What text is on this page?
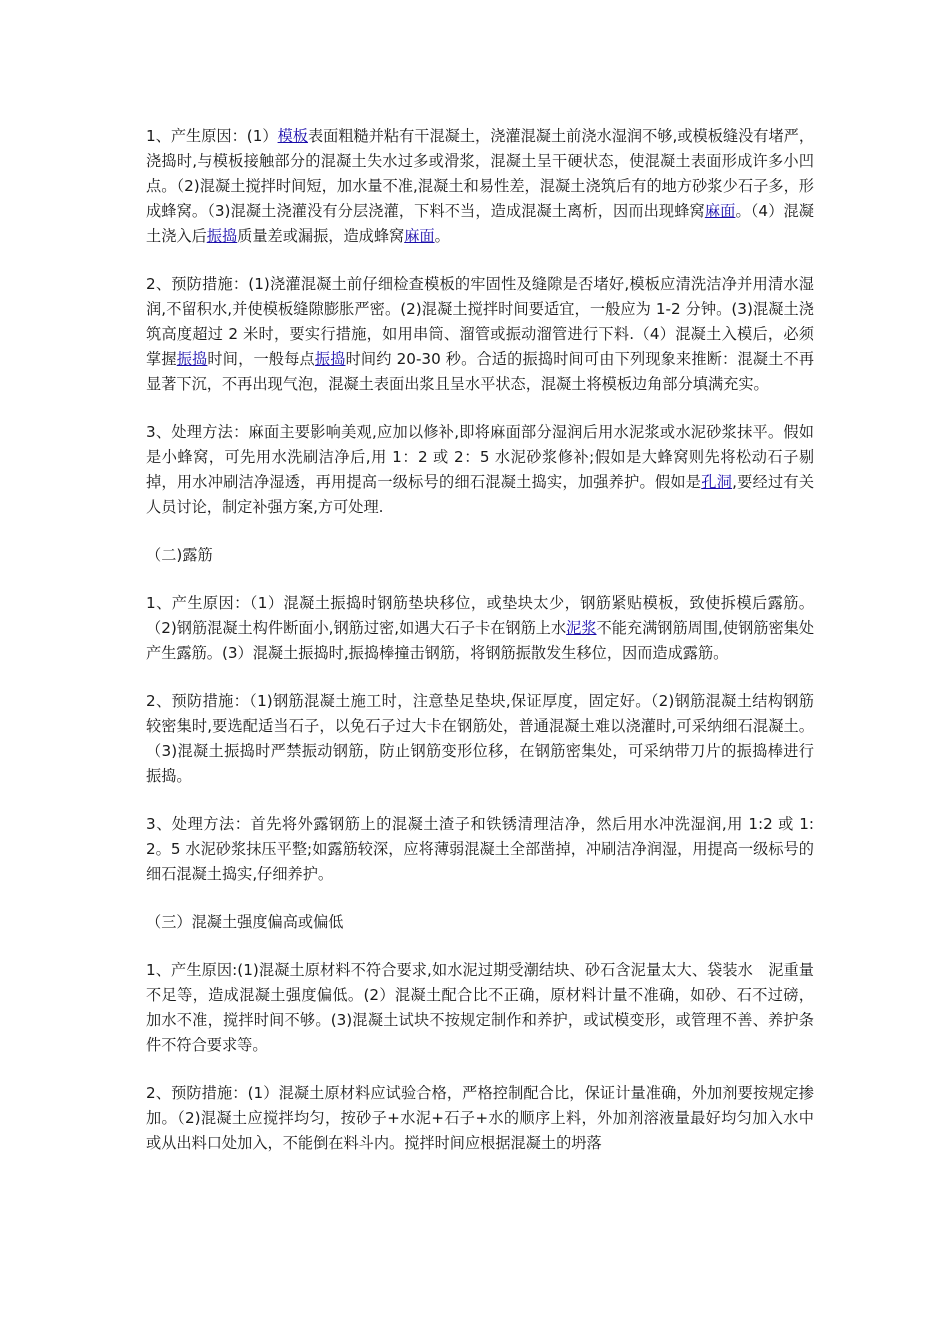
1、产生原因：(1）模板表面粗糙并粘有干混凝土，浇灌混凝土前浇水湿润不够,或模板缝没有堵严，浇捣时,与模板接触部分的混凝土失水过多或滑浆，混凝土呈干硬状态，使混凝土表面形成许多小凹点。（2)混凝土搅拌时间短，加水量不准,混凝土和易性差，混凝土浇筑后有的地方砂浆少石子多，形成蜂窝。（3)混凝土浇灌没有分层浇灌，下料不当，造成混凝土离析，因而出现蜂窝麻面。（4）混凝土浇入后振捣质量差或漏振，造成蜂窝麻面。

2、预防措施：(1)浇灌混凝土前仔细检查模板的牢固性及缝隙是否堵好,模板应清洗洁净并用清水湿润,不留积水,并使模板缝隙膨胀严密。(2)混凝土搅拌时间要适宜，一般应为 1-2 分钟。(3)混凝土浇筑高度超过 2 米时，要实行措施，如用串筒、溜管或振动溜管进行下料.（4）混凝土入模后，必须掌握振捣时间，一般每点振捣时间约 20-30 秒。合适的振捣时间可由下列现象来推断：混凝土不再显著下沉，不再出现气泡，混凝土表面出浆且呈水平状态，混凝土将模板边角部分填满充实。

3、处理方法：麻面主要影响美观,应加以修补,即将麻面部分湿润后用水泥浆或水泥砂浆抹平。假如是小蜂窝，可先用水洗刷洁净后,用 1：2 或 2：5 水泥砂浆修补;假如是大蜂窝则先将松动石子剔掉，用水冲刷洁净湿透，再用提高一级标号的细石混凝土捣实，加强养护。假如是孔洞,要经过有关人员讨论，制定补强方案,方可处理.

（二)露筋

1、产生原因：（1）混凝土振捣时钢筋垫块移位，或垫块太少，钢筋紧贴模板，致使拆模后露筋。（2)钢筋混凝土构件断面小,钢筋过密,如遇大石子卡在钢筋上水泥浆不能充满钢筋周围,使钢筋密集处产生露筋。(3）混凝土振捣时,振捣棒撞击钢筋，将钢筋振散发生移位，因而造成露筋。

2、预防措施：（1)钢筋混凝土施工时，注意垫足垫块,保证厚度，固定好。（2)钢筋混凝土结构钢筋较密集时,要选配适当石子，以免石子过大卡在钢筋处，普通混凝土难以浇灌时,可采纳细石混凝土。（3)混凝土振捣时严禁振动钢筋，防止钢筋变形位移，在钢筋密集处，可采纳带刀片的振捣棒进行振捣。

3、处理方法：首先将外露钢筋上的混凝土渣子和铁锈清理洁净，然后用水冲洗湿润,用 1:2 或 1:2。5 水泥砂浆抹压平整;如露筋较深，应将薄弱混凝土全部凿掉，冲刷洁净润湿，用提高一级标号的细石混凝土捣实,仔细养护。

（三）混凝土强度偏高或偏低

1、产生原因:(1)混凝土原材料不符合要求,如水泥过期受潮结块、砂石含泥量太大、袋装水　泥重量不足等，造成混凝土强度偏低。(2）混凝土配合比不正确，原材料计量不准确，如砂、石不过磅，加水不准，搅拌时间不够。(3)混凝土试块不按规定制作和养护，或试模变形，或管理不善、养护条件不符合要求等。

2、预防措施：(1）混凝土原材料应试验合格，严格控制配合比，保证计量准确，外加剂要按规定掺加。（2)混凝土应搅拌均匀，按砂子+水泥+石子+水的顺序上料，外加剂溶液量最好均匀加入水中或从出料口处加入，不能倒在料斗内。搅拌时间应根据混凝土的坍落
